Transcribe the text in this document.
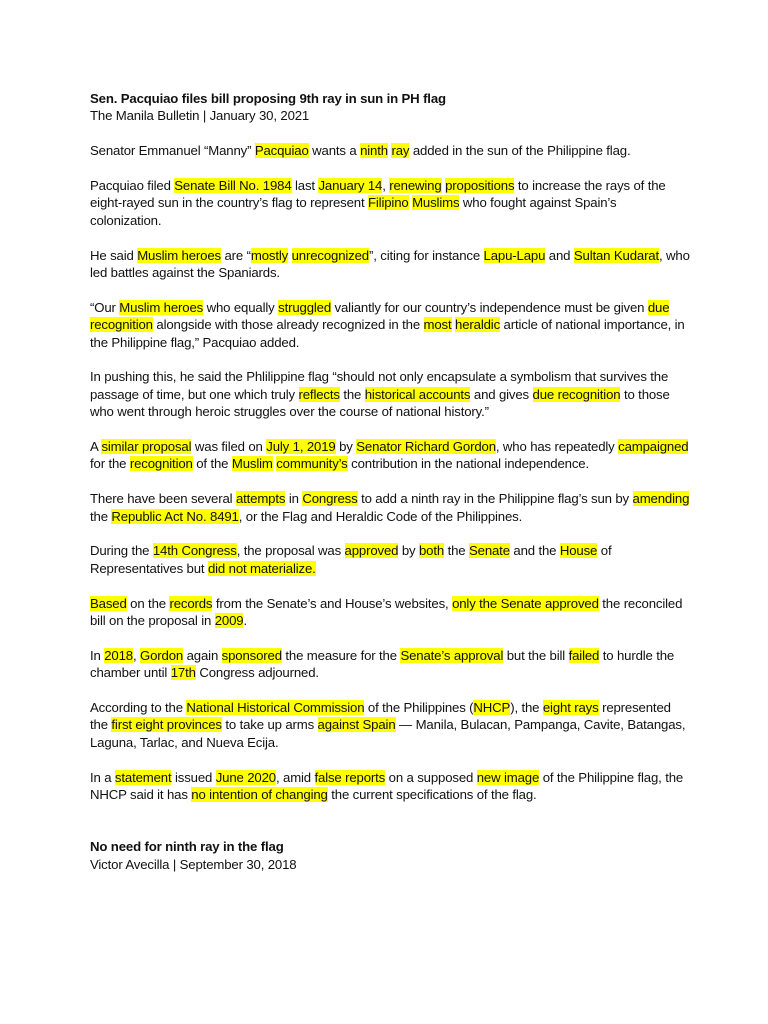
Sen. Pacquiao files bill proposing 9th ray in sun in PH flag
The Manila Bulletin | January 30, 2021

Senator Emmanuel “Manny” Pacquiao wants a ninth ray added in the sun of the Philippine flag.

Pacquiao filed Senate Bill No. 1984 last January 14, renewing propositions to increase the rays of the eight-rayed sun in the country’s flag to represent Filipino Muslims who fought against Spain’s colonization.

He said Muslim heroes are “mostly unrecognized”, citing for instance Lapu-Lapu and Sultan Kudarat, who led battles against the Spaniards.

“Our Muslim heroes who equally struggled valiantly for our country’s independence must be given due recognition alongside with those already recognized in the most heraldic article of national importance, in the Philippine flag,” Pacquiao added.

In pushing this, he said the Phlilippine flag “should not only encapsulate a symbolism that survives the passage of time, but one which truly reflects the historical accounts and gives due recognition to those who went through heroic struggles over the course of national history.”

A similar proposal was filed on July 1, 2019 by Senator Richard Gordon, who has repeatedly campaigned for the recognition of the Muslim community’s contribution in the national independence.

There have been several attempts in Congress to add a ninth ray in the Philippine flag’s sun by amending the Republic Act No. 8491, or the Flag and Heraldic Code of the Philippines.

During the 14th Congress, the proposal was approved by both the Senate and the House of Representatives but did not materialize.

Based on the records from the Senate’s and House’s websites, only the Senate approved the reconciled bill on the proposal in 2009.

In 2018, Gordon again sponsored the measure for the Senate’s approval but the bill failed to hurdle the chamber until 17th Congress adjourned.

According to the National Historical Commission of the Philippines (NHCP), the eight rays represented the first eight provinces to take up arms against Spain — Manila, Bulacan, Pampanga, Cavite, Batangas, Laguna, Tarlac, and Nueva Ecija.

In a statement issued June 2020, amid false reports on a supposed new image of the Philippine flag, the NHCP said it has no intention of changing the current specifications of the flag.

No need for ninth ray in the flag
Victor Avecilla | September 30, 2018
